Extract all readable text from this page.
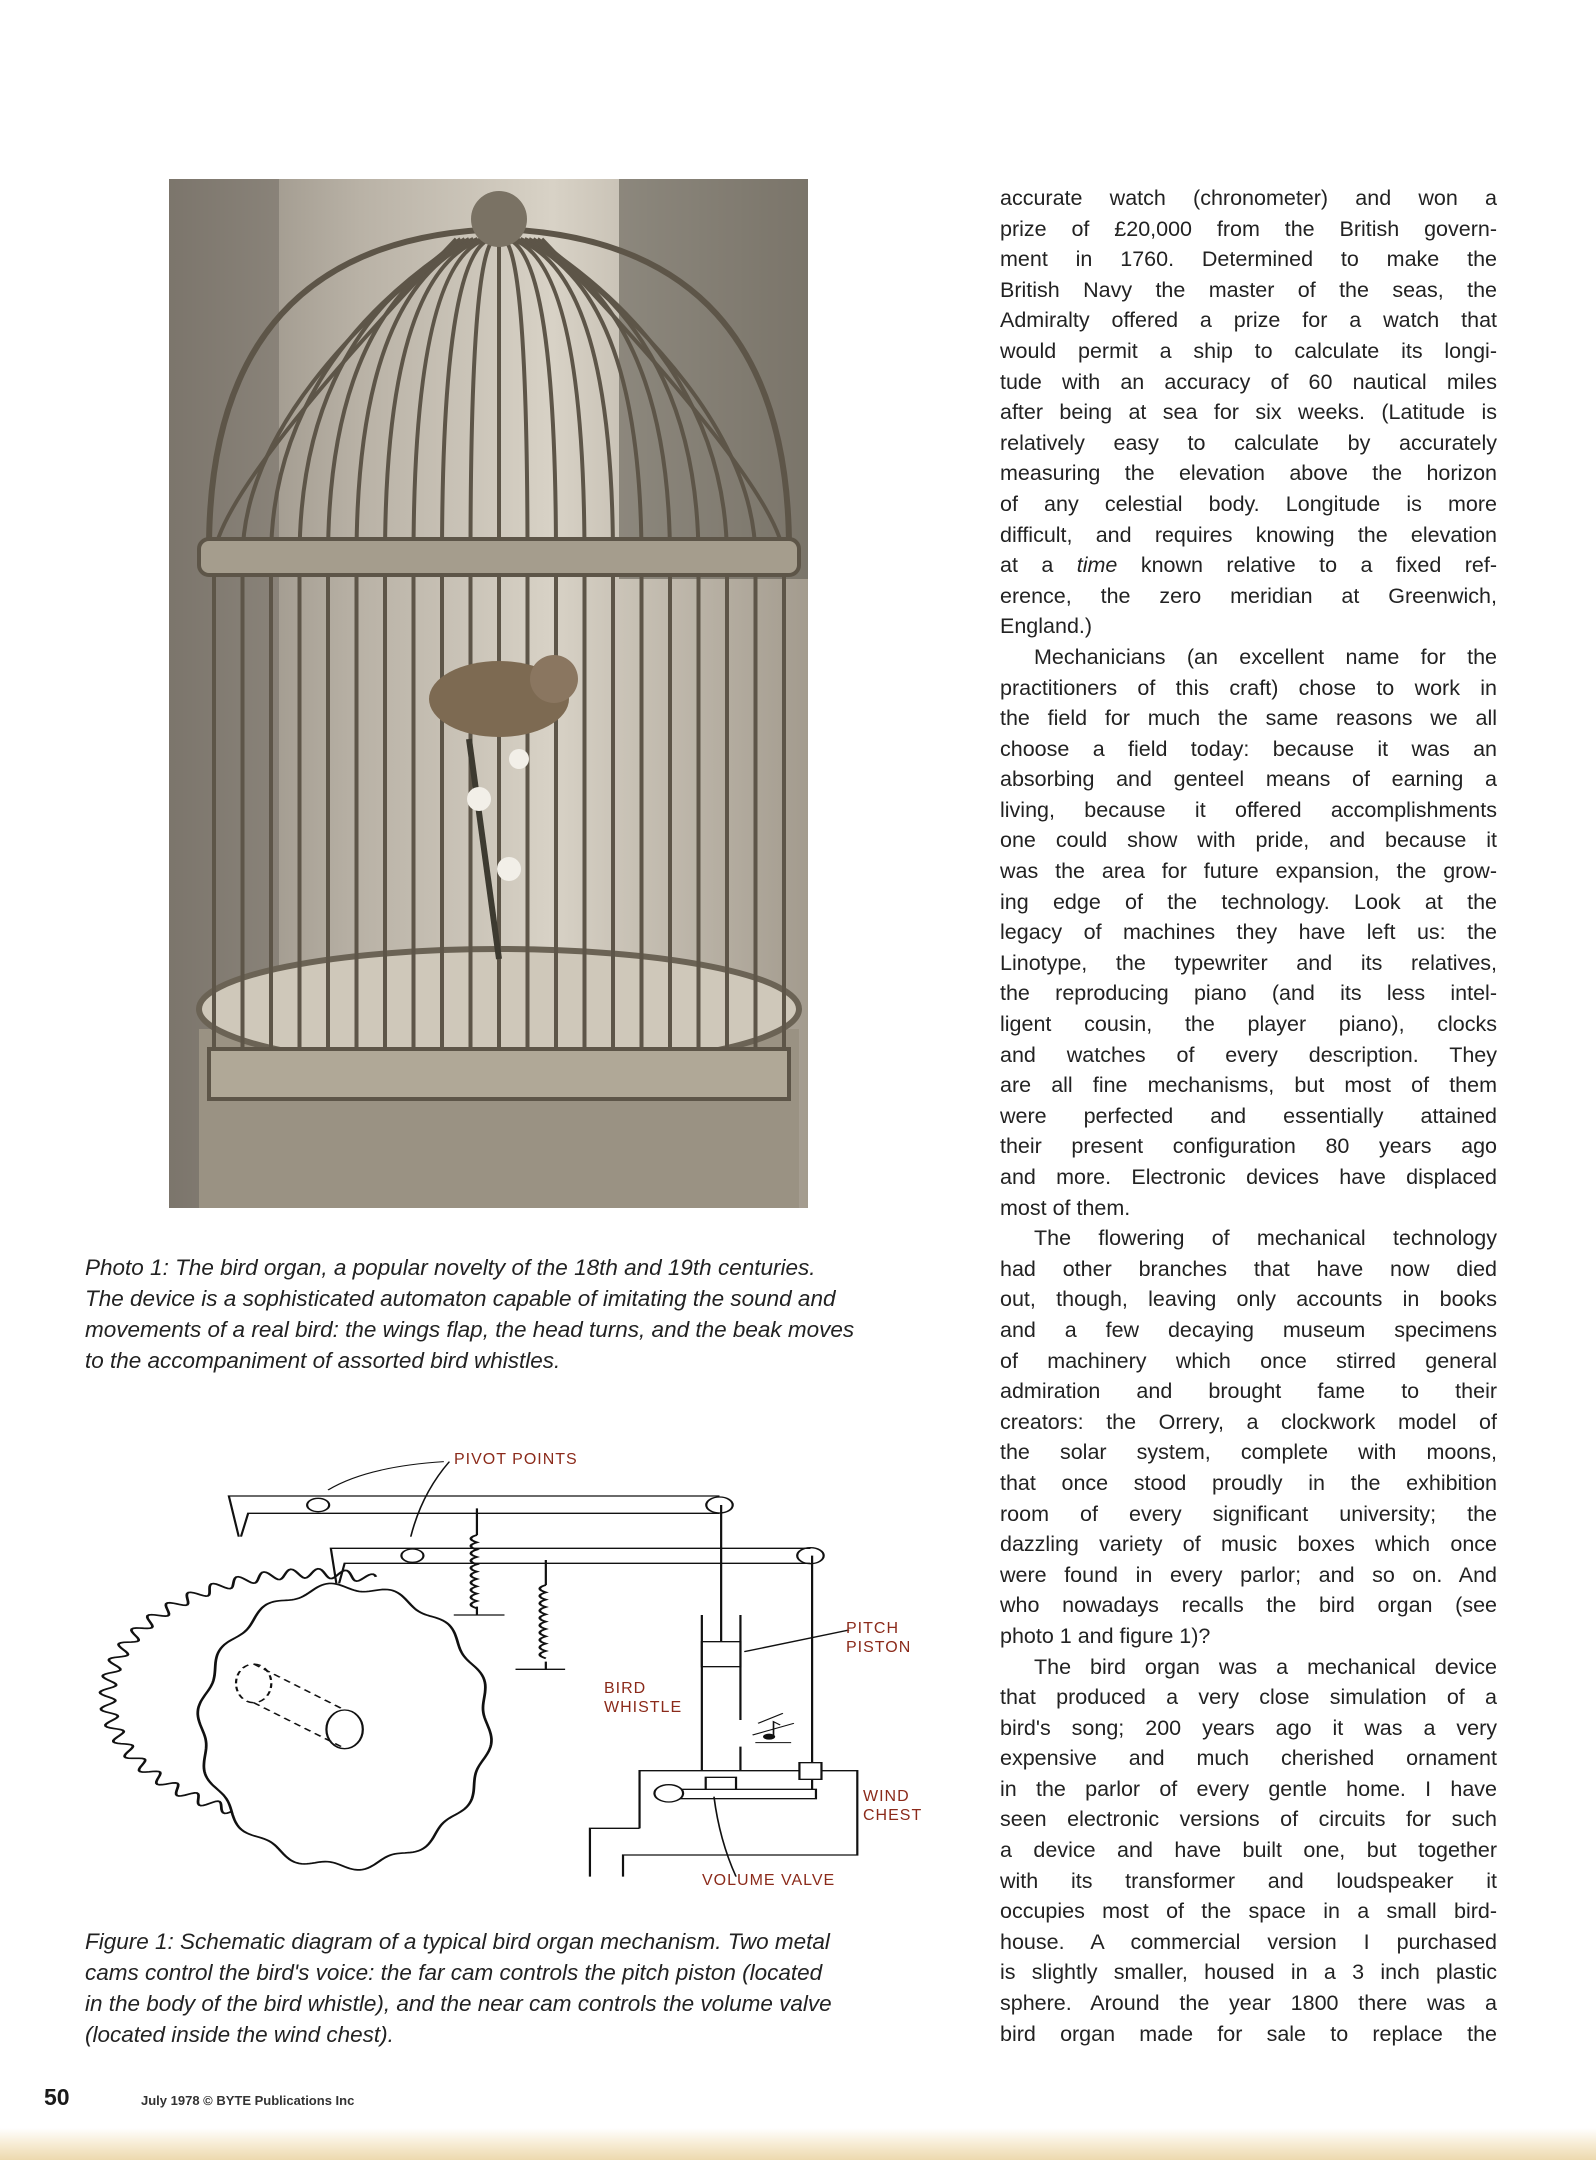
Photo 1: The bird organ, a popular novelty of the 18th and 19th centuries.
The device is a sophisticated automaton capable of imitating the sound and
movements of a real bird: the wings flap, the head turns, and the beak moves
to the accompaniment of assorted bird whistles.
PIVOT POINTS
PITCH
PISTON
BIRD
WHISTLE
WIND
CHEST
VOLUME VALVE
Figure 1: Schematic diagram of a typical bird organ mechanism. Two metal
cams control the bird's voice: the far cam controls the pitch piston (located
in the body of the bird whistle), and the near cam controls the volume valve
(located inside the wind chest).
accurate watch (chronometer) and won a
prize of £20,000 from the British govern-
ment in 1760. Determined to make the
British Navy the master of the seas, the
Admiralty offered a prize for a watch that
would permit a ship to calculate its longi-
tude with an accuracy of 60 nautical miles
after being at sea for six weeks. (Latitude is
relatively easy to calculate by accurately
measuring the elevation above the horizon
of any celestial body. Longitude is more
difficult, and requires knowing the elevation
at a time known relative to a fixed ref-
erence, the zero meridian at Greenwich,
England.)
Mechanicians (an excellent name for the
practitioners of this craft) chose to work in
the field for much the same reasons we all
choose a field today: because it was an
absorbing and genteel means of earning a
living, because it offered accomplishments
one could show with pride, and because it
was the area for future expansion, the grow-
ing edge of the technology. Look at the
legacy of machines they have left us: the
Linotype, the typewriter and its relatives,
the reproducing piano (and its less intel-
ligent cousin, the player piano), clocks
and watches of every description. They
are all fine mechanisms, but most of them
were perfected and essentially attained
their present configuration 80 years ago
and more. Electronic devices have displaced
most of them.
The flowering of mechanical technology
had other branches that have now died
out, though, leaving only accounts in books
and a few decaying museum specimens
of machinery which once stirred general
admiration and brought fame to their
creators: the Orrery, a clockwork model of
the solar system, complete with moons,
that once stood proudly in the exhibition
room of every significant university; the
dazzling variety of music boxes which once
were found in every parlor; and so on. And
who nowadays recalls the bird organ (see
photo 1 and figure 1)?
The bird organ was a mechanical device
that produced a very close simulation of a
bird's song; 200 years ago it was a very
expensive and much cherished ornament
in the parlor of every gentle home. I have
seen electronic versions of circuits for such
a device and have built one, but together
with its transformer and loudspeaker it
occupies most of the space in a small bird-
house. A commercial version I purchased
is slightly smaller, housed in a 3 inch plastic
sphere. Around the year 1800 there was a
bird organ made for sale to replace the
50	July 1978 © BYTE Publications Inc
